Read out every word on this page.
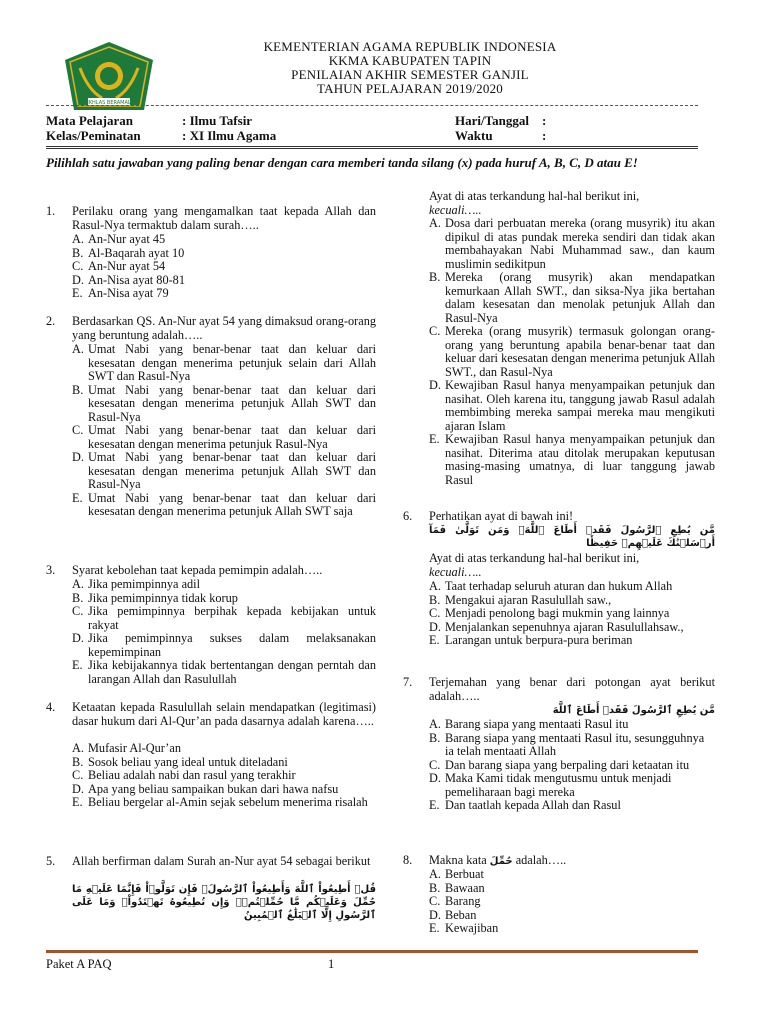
IKHLAS BERAMAL
KEMENTERIAN AGAMA REPUBLIK INDONESIA
KKMA KABUPATEN TAPIN
PENILAIAN AKHIR SEMESTER GANJIL
TAHUN PELAJARAN 2019/2020
Mata Pelajaran	: Ilmu Tafsir	Hari/Tanggal :
Kelas/Peminatan	: XI Ilmu Agama	Waktu	:
Pilihlah satu jawaban yang paling benar dengan cara memberi tanda silang (x) pada huruf A, B, C, D atau E!
1. Perilaku orang yang mengamalkan taat kepada Allah dan Rasul-Nya termaktub dalam surah…..
A. An-Nur ayat 45
B. Al-Baqarah ayat 10
C. An-Nur ayat 54
D. An-Nisa ayat 80-81
E. An-Nisa ayat 79
2. Berdasarkan QS. An-Nur ayat 54 yang dimaksud orang-orang yang beruntung adalah…..
A. Umat Nabi yang benar-benar taat dan keluar dari kesesatan dengan menerima petunjuk selain dari Allah SWT dan Rasul-Nya
B. Umat Nabi yang benar-benar taat dan keluar dari kesesatan dengan menerima petunjuk Allah SWT dan Rasul-Nya
C. Umat Nabi yang benar-benar taat dan keluar dari kesesatan dengan menerima petunjuk Rasul-Nya
D. Umat Nabi yang benar-benar taat dan keluar dari kesesatan dengan menerima petunjuk Allah SWT dan Rasul-Nya
E. Umat Nabi yang benar-benar taat dan keluar dari kesesatan dengan menerima petunjuk Allah SWT saja
3. Syarat kebolehan taat kepada pemimpin adalah…..
A. Jika pemimpinnya adil
B. Jika pemimpinnya tidak korup
C. Jika pemimpinnya berpihak kepada kebijakan untuk rakyat
D. Jika pemimpinnya sukses dalam melaksanakan kepemimpinan
E. Jika kebijakannya tidak bertentangan dengan perntah dan larangan Allah dan Rasulullah
4. Ketaatan kepada Rasulullah selain mendapatkan (legitimasi) dasar hukum dari Al-Qur’an pada dasarnya adalah karena…..
A. Mufasir Al-Qur’an
B. Sosok beliau yang ideal untuk diteladani
C. Beliau adalah nabi dan rasul yang terakhir
D. Apa yang beliau sampaikan bukan dari hawa nafsu
E. Beliau bergelar al-Amin sejak sebelum menerima risalah
5. Allah berfirman dalam Surah an-Nur ayat 54 sebagai berikut
قُلۡ أَطِيعُواْ ٱللَّهَ وَأَطِيعُواْ ٱلرَّسُولَۖ فَإِن تَوَلَّوۡاْ فَإِنَّمَا عَلَيۡهِ مَا حُمِّلَ وَعَلَيۡكُم مَّا حُمِّلۡتُمۡۖ وَإِن تُطِيعُوهُ تَهۡتَدُواْۚ وَمَا عَلَى ٱلرَّسُولِ إِلَّا ٱلۡبَلَٰغُ ٱلۡمُبِينُ
Ayat di atas terkandung hal-hal berikut ini,
kecuali…..
A. Dosa dari perbuatan mereka (orang musyrik) itu akan dipikul di atas pundak mereka sendiri dan tidak akan membahayakan Nabi Muhammad saw., dan kaum muslimin sedikitpun
B. Mereka (orang musyrik) akan mendapatkan kemurkaan Allah SWT., dan siksa-Nya jika bertahan dalam kesesatan dan menolak petunjuk Allah dan Rasul-Nya
C. Mereka (orang musyrik) termasuk golongan orang-orang yang beruntung apabila benar-benar taat dan keluar dari kesesatan dengan menerima petunjuk Allah SWT., dan Rasul-Nya
D. Kewajiban Rasul hanya menyampaikan petunjuk dan nasihat. Oleh karena itu, tanggung jawab Rasul adalah membimbing mereka sampai mereka mau mengikuti ajaran Islam
E. Kewajiban Rasul hanya menyampaikan petunjuk dan nasihat. Diterima atau ditolak merupakan keputusan masing-masing umatnya, di luar tanggung jawab Rasul
6. Perhatikan ayat di bawah ini!
مَّن يُطِعِ ٱلرَّسُولَ فَقَدۡ أَطَاعَ ٱللَّهَۖ وَمَن تَوَلَّىٰ فَمَآ أَرۡسَلۡنَٰكَ عَلَيۡهِمۡ حَفِيظٗا
Ayat di atas terkandung hal-hal berikut ini,
kecuali…..
A. Taat terhadap seluruh aturan dan hukum Allah
B. Mengakui ajaran Rasulullah saw.,
C. Menjadi penolong bagi mukmin yang lainnya
D. Menjalankan sepenuhnya ajaran Rasulullahsaw.,
E. Larangan untuk berpura-pura beriman
7. Terjemahan yang benar dari potongan ayat berikut adalah…..
مَّن يُطِعِ ٱلرَّسُولَ فَقَدۡ أَطَاعَ ٱللَّهَ
A. Barang siapa yang mentaati Rasul itu
B. Barang siapa yang mentaati Rasul itu, sesungguhnya ia telah mentaati Allah
C. Dan barang siapa yang berpaling dari ketaatan itu
D. Maka Kami tidak mengutusmu untuk menjadi pemeliharaan bagi mereka
E. Dan taatlah kepada Allah dan Rasul
8. Makna kata حُمِّلَ adalah…..
A. Berbuat
B. Bawaan
C. Barang
D. Beban
E. Kewajiban
Paket A PAQ	1
